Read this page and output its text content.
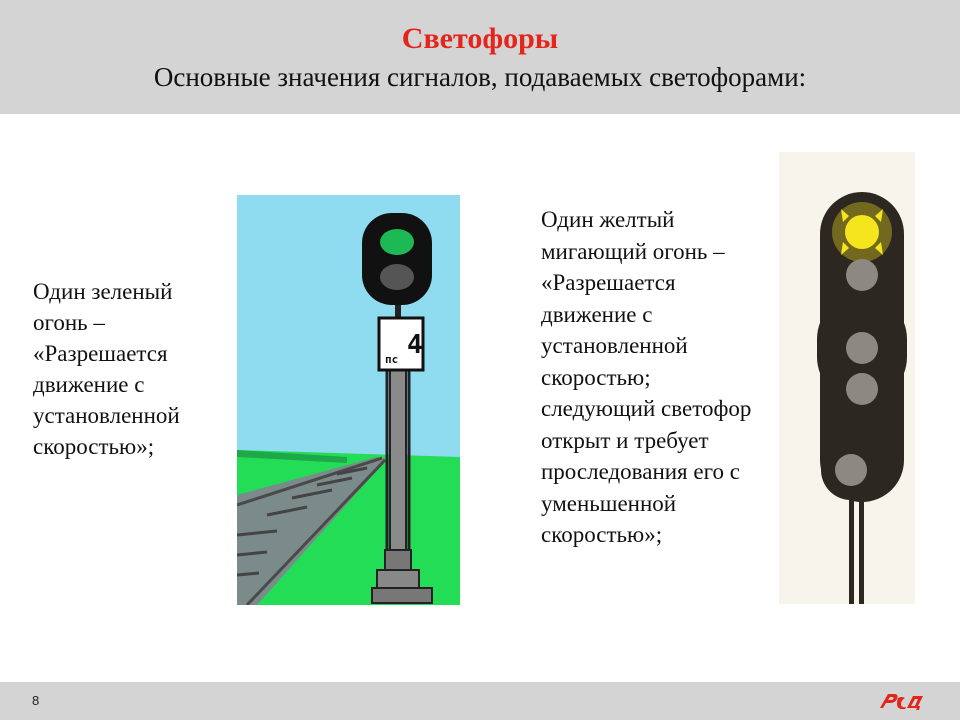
Светофоры
Основные значения сигналов, подаваемых светофорами:
Один зеленый
огонь –
«Разрешается
движение с
установленной
скоростью»;
4
пс
Один желтый
мигающий огонь –
«Разрешается
движение с
установленной
скоростью;
следующий светофор
открыт и требует
проследования его с
уменьшенной
скоростью»;
8
